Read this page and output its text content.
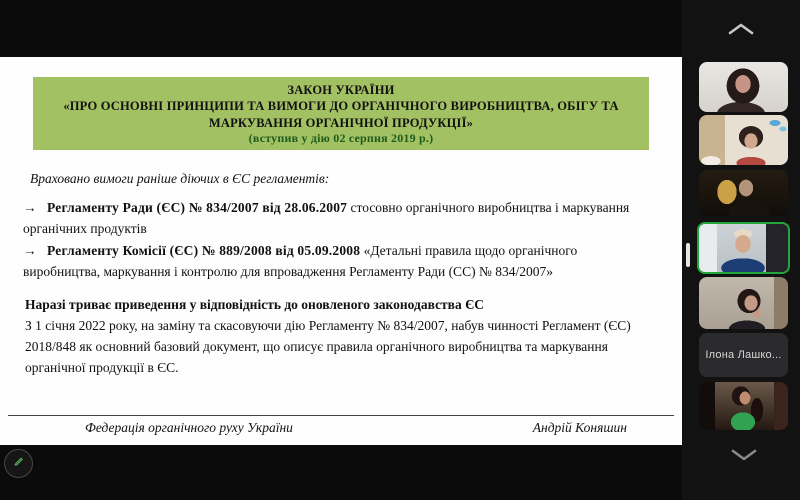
ЗАКОН УКРАЇНИ
«ПРО ОСНОВНІ ПРИНЦИПИ ТА ВИМОГИ ДО ОРГАНІЧНОГО ВИРОБНИЦТВА, ОБІГУ ТА
МАРКУВАННЯ ОРГАНІЧНОЇ ПРОДУКЦІЇ»
(вступив у дію 02 серпня 2019 р.)
Враховано вимоги раніше діючих в ЄС регламентів:
→ Регламенту Ради (ЄС) № 834/2007 від 28.06.2007 стосовно органічного виробництва і маркування органічних продуктів
→ Регламенту Комісії (ЄС) № 889/2008 від 05.09.2008 «Детальні правила щодо органічного виробництва, маркування і контролю для впровадження Регламенту Ради (СС) № 834/2007»
Наразі триває приведення у відповідність до оновленого законодавства ЄС
З 1 січня 2022 року, на заміну та скасовуючи дію Регламенту № 834/2007, набув чинності Регламент (ЄС) 2018/848 як основний базовий документ, що описує правила органічного виробництва та маркування органічної продукції в ЄС.
Федерація органічного руху України	Андрій Коняшин
Ілона Лашко...
